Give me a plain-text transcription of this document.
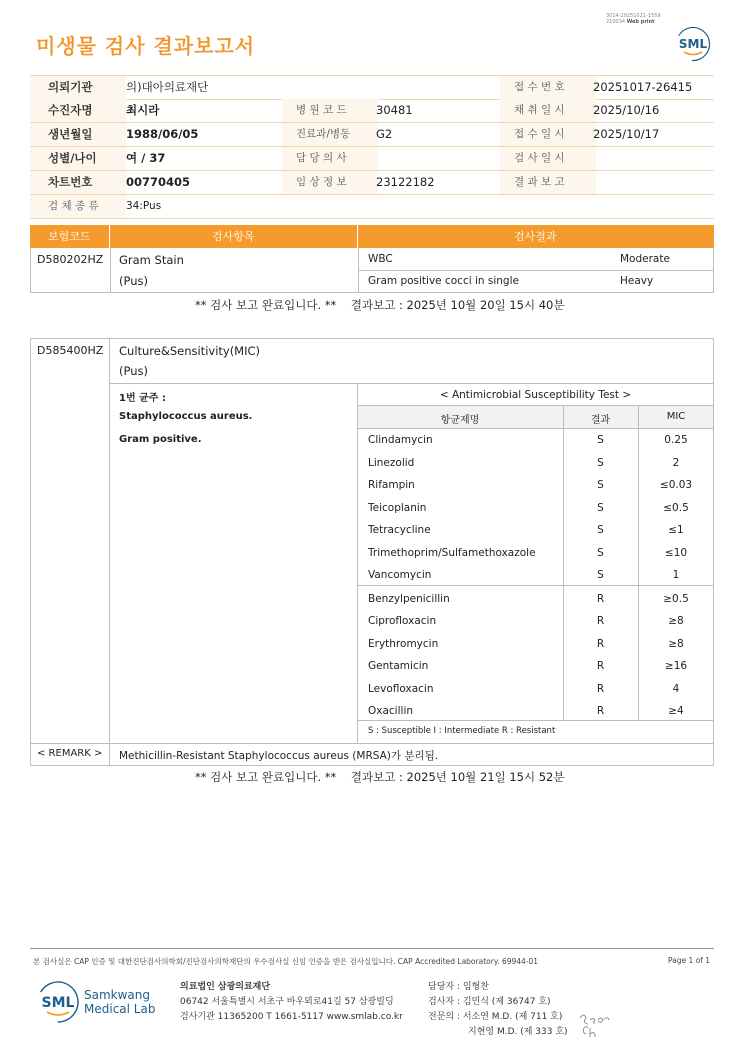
미생물 검사 결과보고서
3014-20251021-1559
210034 Web print
SML
의뢰기관	의)대아의료재단	접 수 번 호	20251017-26415
수진자명	최시라	병 원 코 드	30481	채 취 일 시	2025/10/16
생년월일	1988/06/05	진료과/병동	G2	접 수 일 시	2025/10/17
성별/나이	여 / 37	담 당 의 사	검 사 일 시
차트번호	00770405	임 상 정 보	23122182	결 과 보 고
검 체 종 류	34:Pus
보험코드	검사항목	검사결과
D580202HZ Gram Stain
(Pus)
WBC	Moderate
Gram positive cocci in single	Heavy
** 검사 보고 완료입니다. ** 결과보고 : 2025년 10월 20일 15시 40분
D585400HZ Culture&Sensitivity(MIC)
(Pus)
1번 균주 :
Staphylococcus aureus.
Gram positive.
< Antimicrobial Susceptibility Test >
항균제명	결과	MIC
Clindamycin	S	0.25
Linezolid	S	2
Rifampin	S	≤0.03
Teicoplanin	S	≤0.5
Tetracycline	S	≤1
Trimethoprim/Sulfamethoxazole	S	≤10
Vancomycin	S	1
Benzylpenicillin	R	≥0.5
Ciprofloxacin	R	≥8
Erythromycin	R	≥8
Gentamicin	R	≥16
Levofloxacin	R	4
Oxacillin	R	≥4
S : Susceptible I : Intermediate R : Resistant
< REMARK > Methicillin-Resistant Staphylococcus aureus (MRSA)가 분리됨.
** 검사 보고 완료입니다. ** 결과보고 : 2025년 10월 21일 15시 52분
본 검사실은 CAP 인증 및 대한진단검사의학회/진단검사의학재단의 우수검사실 신임 인증을 받은 검사실입니다. CAP Accredited Laboratory. 69944-01	Page 1 of 1
SML Samkwang
Medical Lab
의료법인 삼광의료재단
06742 서울특별시 서초구 바우뫼로41길 57 삼광빌딩
검사기관 11365200 T 1661-5117 www.smlab.co.kr
담당자 : 임형찬
검사자 : 김민식 (제 36747 호)
전문의 : 서소연 M.D. (제 711 호)
지현영 M.D. (제 333 호)
